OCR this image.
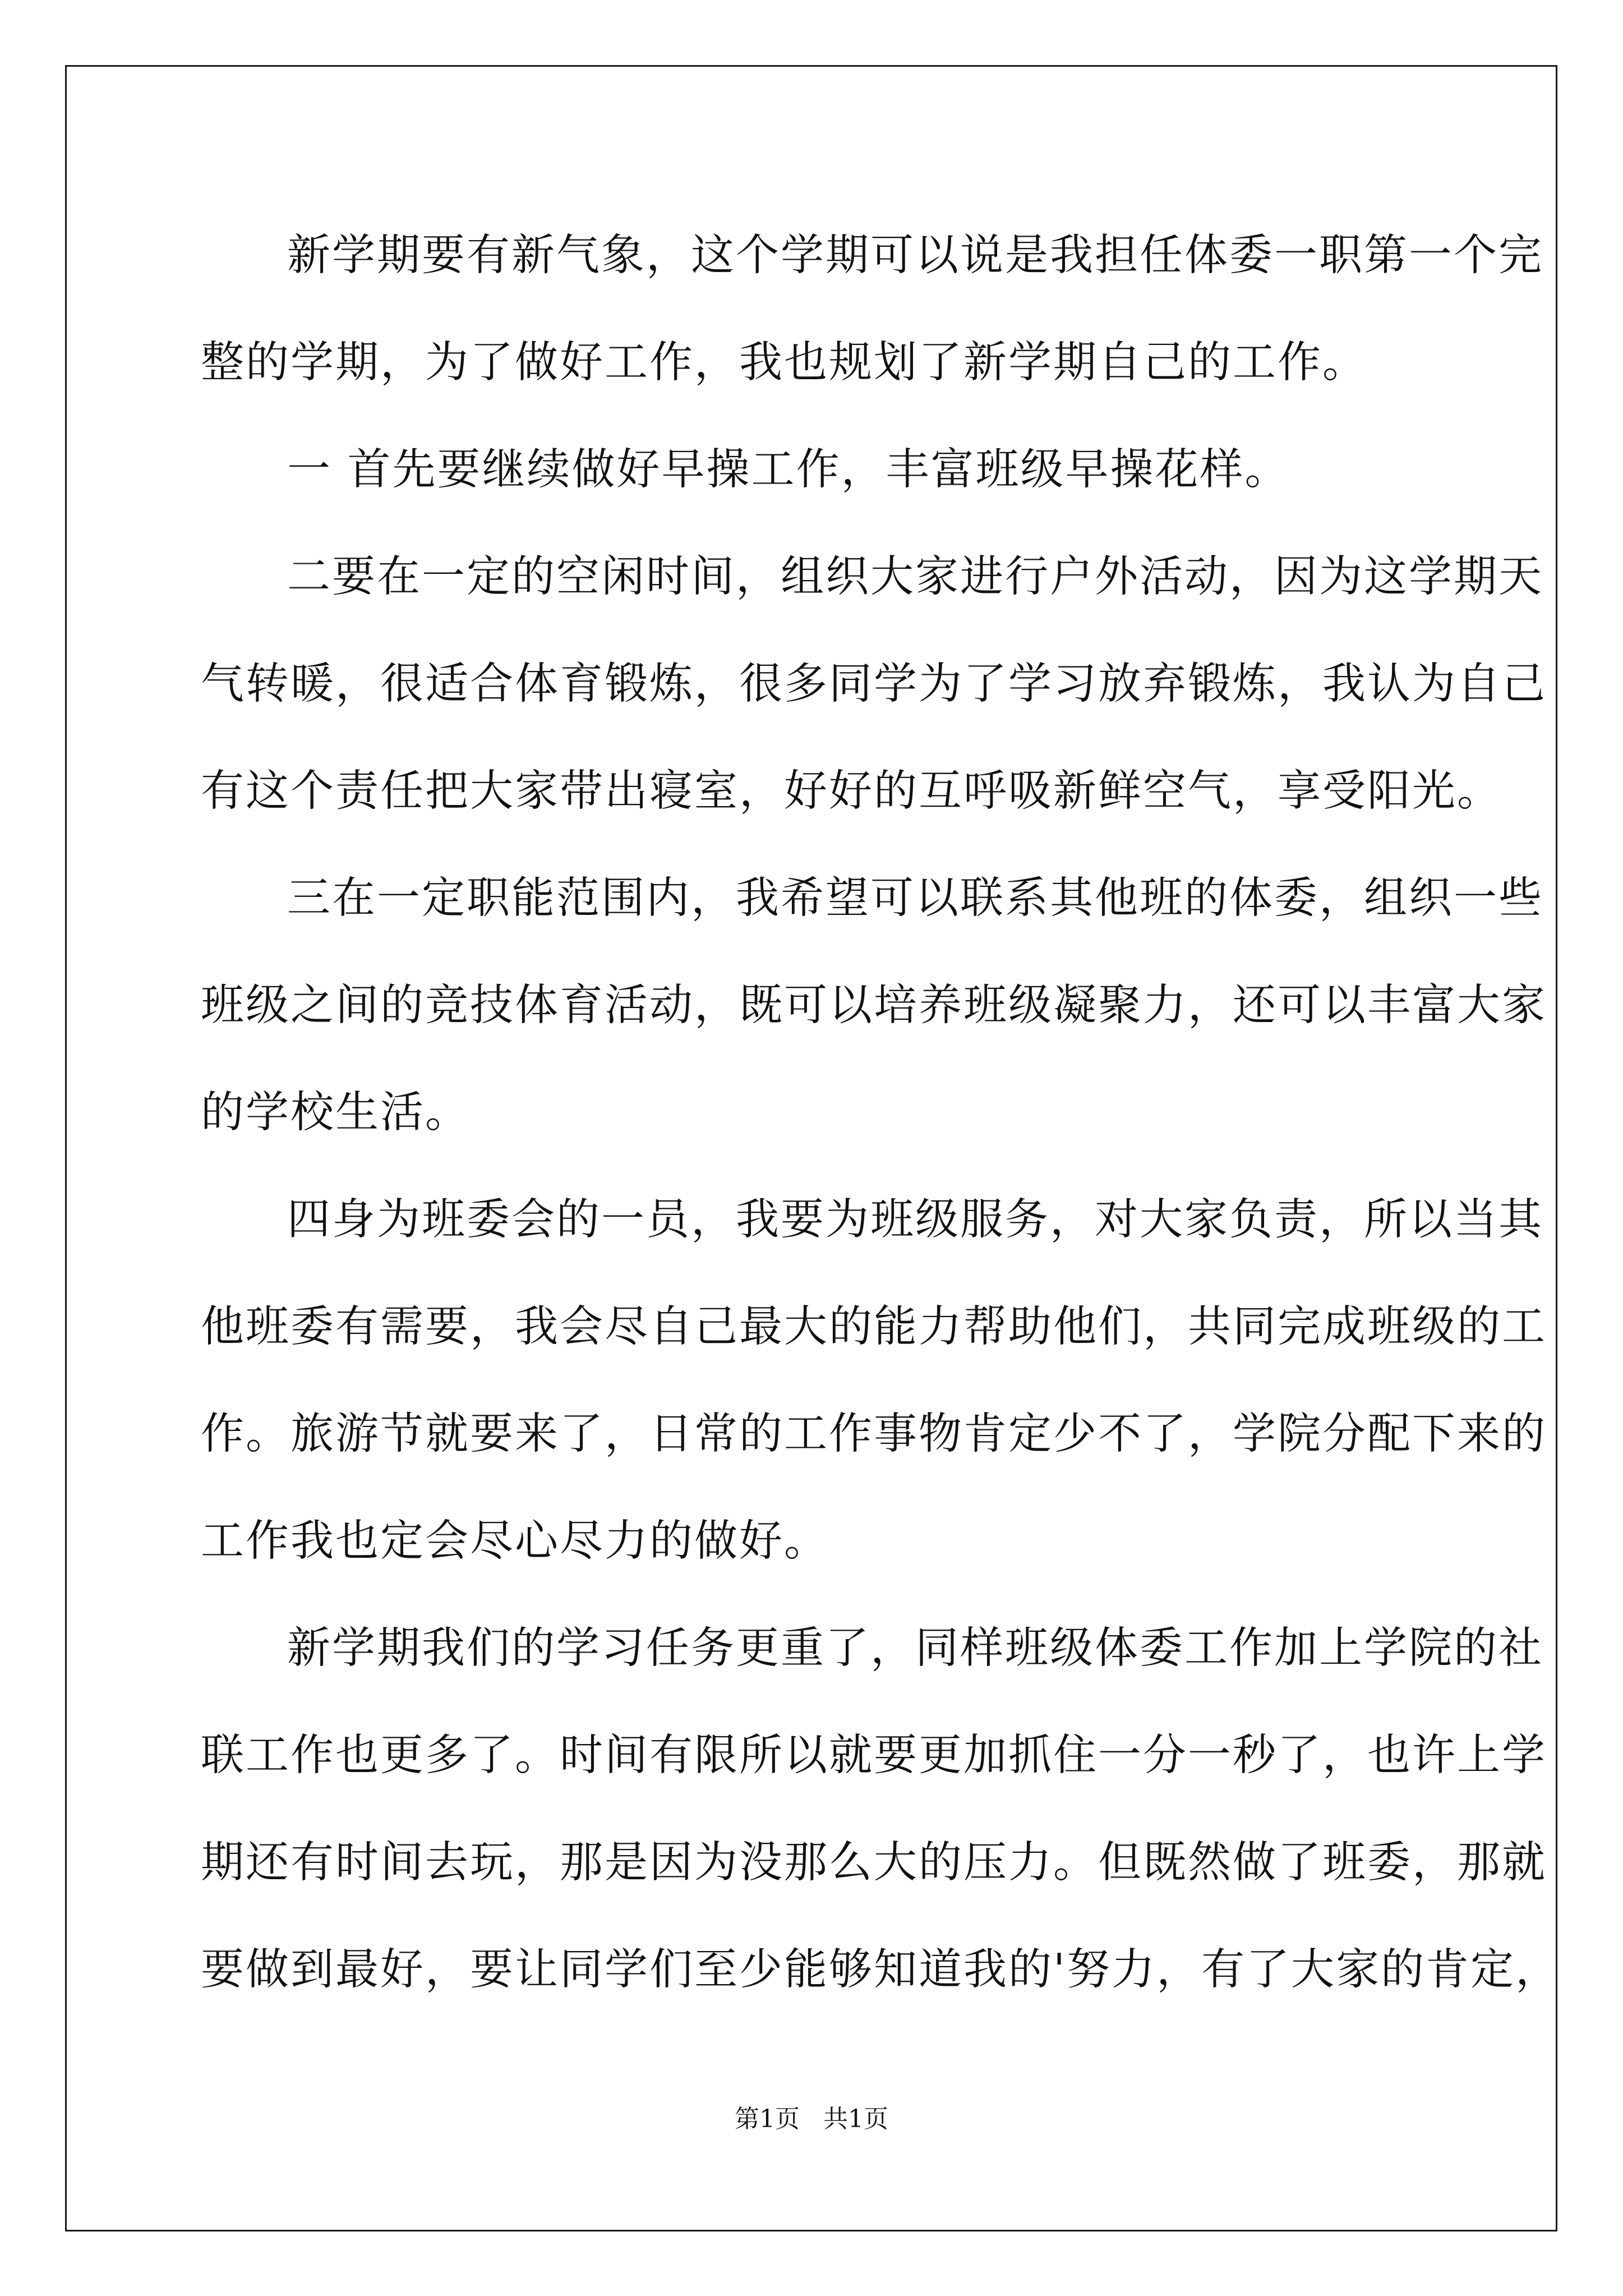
新学期要有新气象，这个学期可以说是我担任体委一职第一个完
整的学期，为了做好工作，我也规划了新学期自己的工作。
一 首先要继续做好早操工作，丰富班级早操花样。
二要在一定的空闲时间，组织大家进行户外活动，因为这学期天
气转暖，很适合体育锻炼，很多同学为了学习放弃锻炼，我认为自己
有这个责任把大家带出寝室，好好的互呼吸新鲜空气，享受阳光。
三在一定职能范围内，我希望可以联系其他班的体委，组织一些
班级之间的竞技体育活动，既可以培养班级凝聚力，还可以丰富大家
的学校生活。
四身为班委会的一员，我要为班级服务，对大家负责，所以当其
他班委有需要，我会尽自己最大的能力帮助他们，共同完成班级的工
作。旅游节就要来了，日常的工作事物肯定少不了，学院分配下来的
工作我也定会尽心尽力的做好。
新学期我们的学习任务更重了，同样班级体委工作加上学院的社
联工作也更多了。时间有限所以就要更加抓住一分一秒了，也许上学
期还有时间去玩，那是因为没那么大的压力。但既然做了班委，那就
要做到最好，要让同学们至少能够知道我的'努力，有了大家的肯定，
第1页   共1页
